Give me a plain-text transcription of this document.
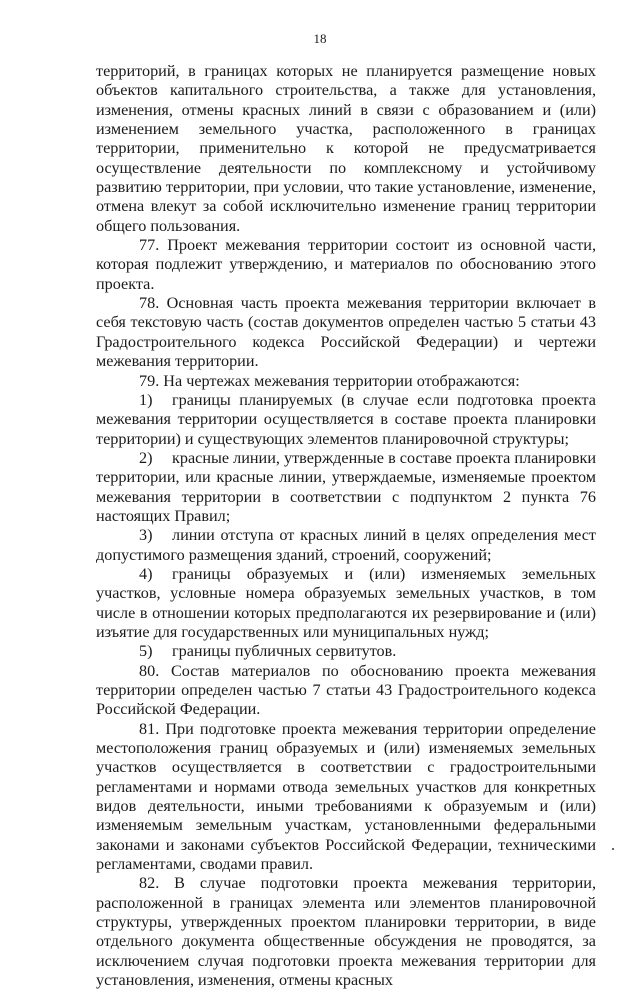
18

территорий, в границах которых не планируется размещение новых объектов капитального строительства, а также для установления, изменения, отмены красных линий в связи с образованием и (или) изменением земельного участка, расположенного в границах территории, применительно к которой не предусматривается осуществление деятельности по комплексному и устойчивому развитию территории, при условии, что такие установление, изменение, отмена влекут за собой исключительно изменение границ территории общего пользования.

77. Проект межевания территории состоит из основной части, которая подлежит утверждению, и материалов по обоснованию этого проекта.

78. Основная часть проекта межевания территории включает в себя текстовую часть (состав документов определен частью 5 статьи 43 Градостроительного кодекса Российской Федерации) и чертежи межевания территории.

79. На чертежах межевания территории отображаются:

1) границы планируемых (в случае если подготовка проекта межевания территории осуществляется в составе проекта планировки территории) и существующих элементов планировочной структуры;

2) красные линии, утвержденные в составе проекта планировки территории, или красные линии, утверждаемые, изменяемые проектом межевания территории в соответствии с подпунктом 2 пункта 76 настоящих Правил;

3) линии отступа от красных линий в целях определения мест допустимого размещения зданий, строений, сооружений;

4) границы образуемых и (или) изменяемых земельных участков, условные номера образуемых земельных участков, в том числе в отношении которых предполагаются их резервирование и (или) изъятие для государственных или муниципальных нужд;

5) границы публичных сервитутов.

80. Состав материалов по обоснованию проекта межевания территории определен частью 7 статьи 43 Градостроительного кодекса Российской Федерации.

81. При подготовке проекта межевания территории определение местоположения границ образуемых и (или) изменяемых земельных участков осуществляется в соответствии с градостроительными регламентами и нормами отвода земельных участков для конкретных видов деятельности, иными требованиями к образуемым и (или) изменяемым земельным участкам, установленными федеральными законами и законами субъектов Российской Федерации, техническими регламентами, сводами правил.

82. В случае подготовки проекта межевания территории, расположенной в границах элемента или элементов планировочной структуры, утвержденных проектом планировки территории, в виде отдельного документа общественные обсуждения не проводятся, за исключением случая подготовки проекта межевания территории для установления, изменения, отмены красных
